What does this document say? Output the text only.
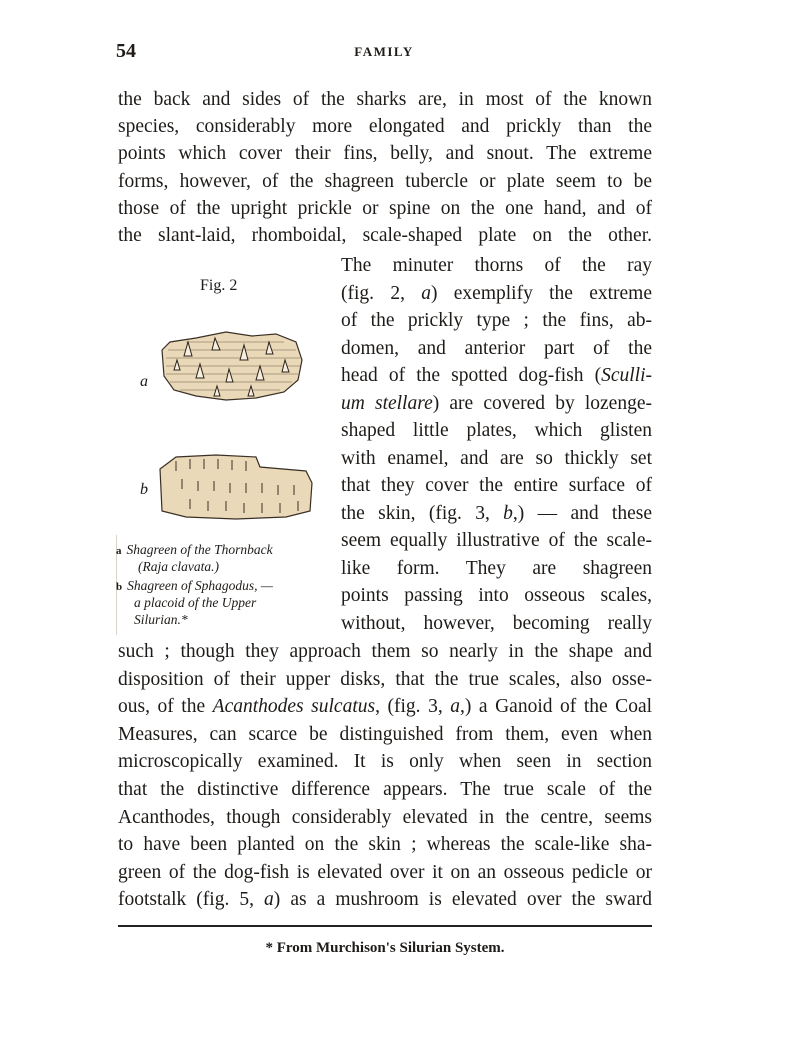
54	FAMILY

the back and sides of the sharks are, in most of the known

species, considerably more elongated and prickly than the

points which cover their fins, belly, and snout. The extreme

forms, however, of the shagreen tubercle or plate seem to be

those of the upright prickle or spine on the one hand, and of

the slant-laid, rhomboidal, scale-shaped plate on the other.

The minuter thorns of the ray

(fig. 2, a) exemplify the extreme

of the prickly type ; the fins, ab-

domen, and anterior part of the

head of the spotted dog-fish (Sculli-

um stellare) are covered by lozenge-

shaped little plates, which glisten

with enamel, and are so thickly set

that they cover the entire surface of

the skin, (fig. 3, b,) — and these

seem equally illustrative of the scale-

like form. They are shagreen

points passing into osseous scales,

without, however, becoming really

such ; though they approach them so nearly in the shape and

disposition of their upper disks, that the true scales, also osse-

ous, of the Acanthodes sulcatus, (fig. 3, a,) a Ganoid of the Coal

Measures, can scarce be distinguished from them, even when

microscopically examined. It is only when seen in section

that the distinctive difference appears. The true scale of the

Acanthodes, though considerably elevated in the centre, seems

to have been planted on the skin ; whereas the scale-like sha-

green of the dog-fish is elevated over it on an osseous pedicle or

footstalk (fig. 5, a) as a mushroom is elevated over the sward

Fig. 2
a
b
a Shagreen of the Thornback
(Raja clavata.)
b Shagreen of Sphagodus, —
a placoid of the Upper
Silurian.*
* From Murchison's Silurian System.
